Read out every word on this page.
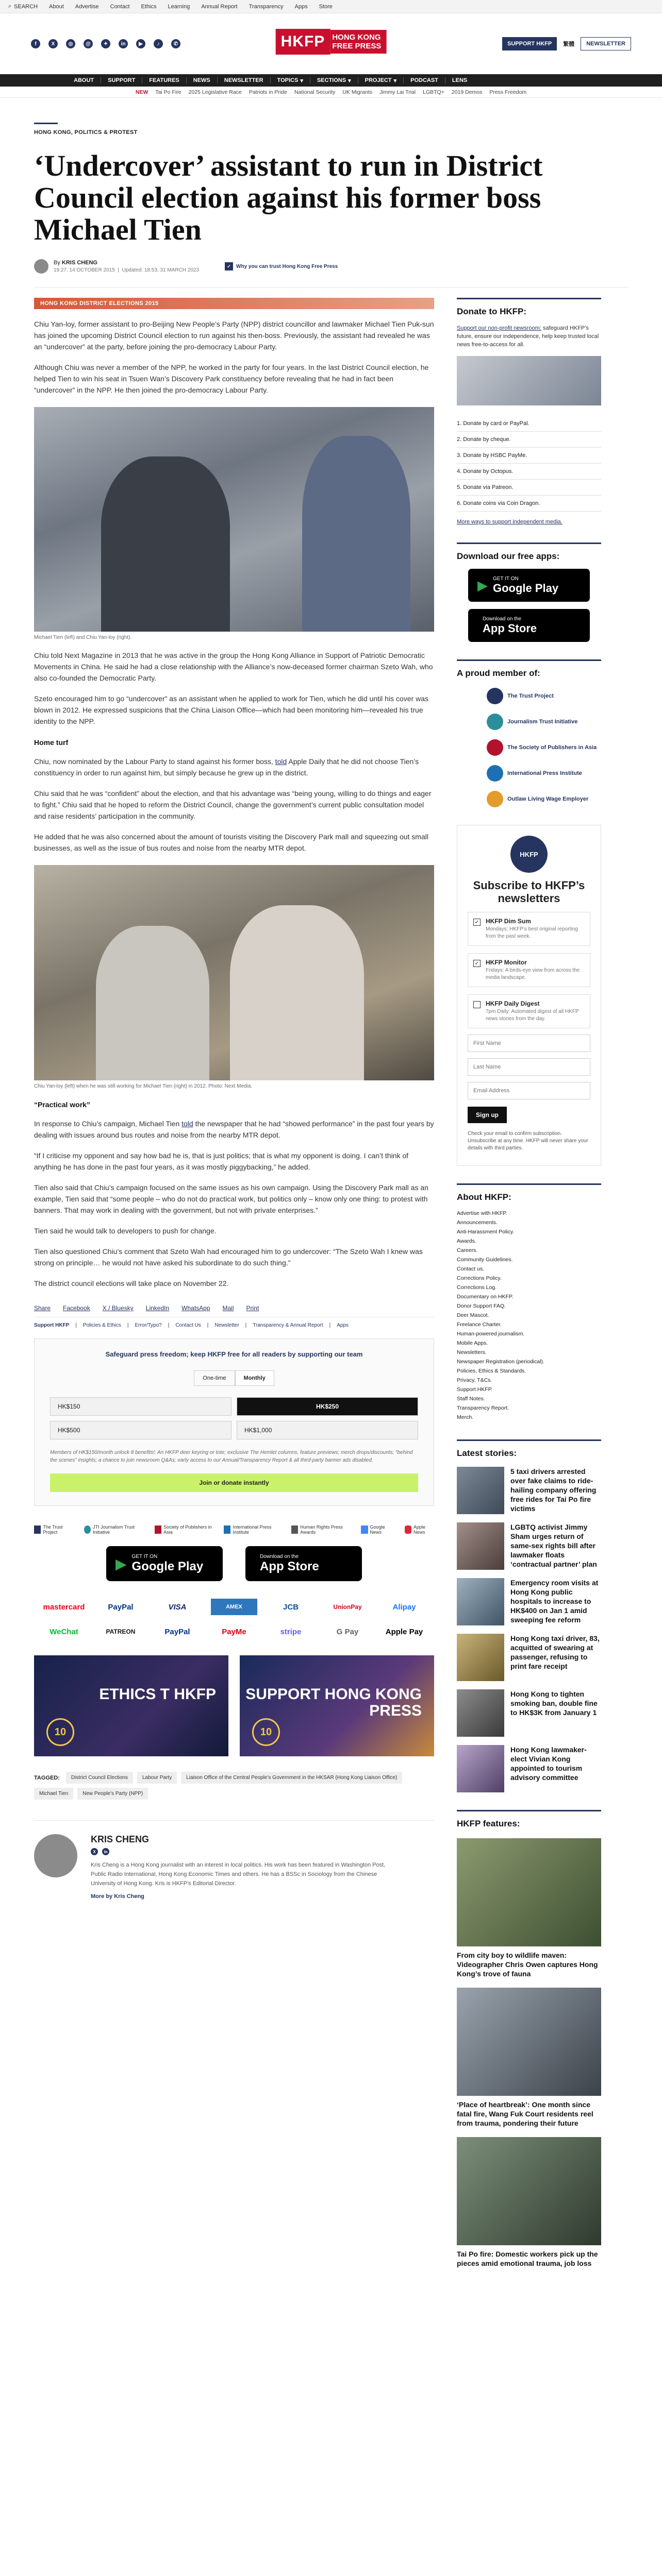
⌕ SEARCH About Advertise Contact Ethics Learning Annual Report Transparency Apps Store
f	X	◎	@	✦	in	▶	♪	✆	HKFP HONG KONG
FREE PRESS	SUPPORT HKFP	繁體	NEWSLETTER
ABOUT	SUPPORT	FEATURES	NEWS	NEWSLETTER	TOPICS ▾ SECTIONS ▾ PROJECT ▾	PODCAST	LENS
NEW Tai Po Fire 2025 Legislative Race Patriots in Pride National Security UK Migrants Jimmy Lai Trial LGBTQ+ 2019 Demos Press Freedom
HONG KONG, POLITICS & PROTEST
‘Undercover’ assistant to run in District Council election against his former boss Michael Tien
By KRIS CHENG
19:27, 14 OCTOBER 2015  |  Updated: 18:53, 31 MARCH 2023
✓	Why you can trust Hong Kong Free Press
HONG KONG DISTRICT ELECTIONS 2015

Chiu Yan-loy, former assistant to pro-Beijing New People’s Party (NPP) district councillor and lawmaker Michael Tien Puk-sun has joined the upcoming District Council election to run against his then-boss. Previously, the assistant had revealed he was an “undercover” at the party, before joining the pro-democracy Labour Party.

Although Chiu was never a member of the NPP, he worked in the party for four years. In the last District Council election, he helped Tien to win his seat in Tsuen Wan’s Discovery Park constituency before revealing that he had in fact been “undercover” in the NPP. He then joined the pro-democracy Labour Party.

Michael Tien (left) and Chiu Yan-loy (right).

Chiu told Next Magazine in 2013 that he was active in the group the Hong Kong Alliance in Support of Patriotic Democratic Movements in China. He said he had a close relationship with the Alliance’s now-deceased former chairman Szeto Wah, who also co-founded the Democratic Party.

Szeto encouraged him to go “undercover” as an assistant when he applied to work for Tien, which he did until his cover was blown in 2012. He expressed suspicions that the China Liaison Office—which had been monitoring him—revealed his true identity to the NPP.

Home turf

Chiu, now nominated by the Labour Party to stand against his former boss, told Apple Daily that he did not choose Tien’s constituency in order to run against him, but simply because he grew up in the district.

Chiu said that he was “confident” about the election, and that his advantage was “being young, willing to do things and eager to fight.” Chiu said that he hoped to reform the District Council, change the government’s current public consultation model and raise residents’ participation in the community.

He added that he was also concerned about the amount of tourists visiting the Discovery Park mall and squeezing out small businesses, as well as the issue of bus routes and noise from the nearby MTR depot.

Chiu Yan-loy (left) when he was still working for Michael Tien (right) in 2012. Photo: Next Media.
“Practical work”

In response to Chiu’s campaign, Michael Tien told the newspaper that he had “showed performance” in the past four years by dealing with issues around bus routes and noise from the nearby MTR depot.

“If I criticise my opponent and say how bad he is, that is just politics; that is what my opponent is doing. I can’t think of anything he has done in the past four years, as it was mostly piggybacking,” he added.

Tien also said that Chiu’s campaign focused on the same issues as his own campaign. Using the Discovery Park mall as an example, Tien said that “some people – who do not do practical work, but politics only – know only one thing: to protest with banners. That may work in dealing with the government, but not with private enterprises.”

Tien said he would talk to developers to push for change.

Tien also questioned Chiu’s comment that Szeto Wah had encouraged him to go undercover: “The Szeto Wah I knew was strong on principle… he would not have asked his subordinate to do such thing.”

The district council elections will take place on November 22.

Share Facebook X / Bluesky LinkedIn WhatsApp Mail Print
Support HKFP | Policies & Ethics | Error/Typo? | Contact Us | Newsletter | Transparency & Annual Report | Apps
Safeguard press freedom; keep HKFP free for all readers by supporting our team
One-time	Monthly
HK$150	HK$250
HK$500	HK$1,000
Members of HK$150/month unlock 8 benefits!: An HKFP deer keyring or tote; exclusive The Hemlet columns, feature previews; merch drops/discounts; “behind the scenes” insights; a chance to join newsroom Q&As; early access to our Annual/Transparency Report & all third-party banner ads disabled.
Join or donate instantly
The Trust Project
JTI Journalism Trust Initiative
Society of Publishers in Asia
International Press Institute
Human Rights Press Awards
Google News
Apple News
▶ GET IT ON
Google Play
Download on the
App Store
mastercard	PayPal	VISA	AMEX	JCB	UnionPay	Alipay
WeChat	PATREON	PayPal	PayMe	stripe	G Pay	Apple Pay
ETHICS T HKFP
10
SUPPORT HONG KONG PRESS
10
TAGGED:	District Council Elections	Labour Party	Liaison Office of the Central People’s Government in the HKSAR (Hong Kong Liaison Office)
Michael Tien	New People’s Party (NPP)
KRIS CHENG
X	in
Kris Cheng is a Hong Kong journalist with an interest in local politics. His work has been featured in Washington Post, Public Radio International, Hong Kong Economic Times and others. He has a BSSc in Sociology from the Chinese University of Hong Kong. Kris is HKFP’s Editorial Director.
More by Kris Cheng
Donate to HKFP:
Support our non-profit newsroom: safeguard HKFP’s future, ensure our independence, help keep trusted local news free-to-access for all.
1. Donate by card or PayPal.
2. Donate by cheque.
3. Donate by HSBC PayMe.
4. Donate by Octopus.
5. Donate via Patreon.
6. Donate coins via Coin Dragon.
More ways to support independent media.
Download our free apps:
▶ GET IT ON
Google Play
Download on the
App Store
A proud member of:
The Trust Project
Journalism Trust Initiative
The Society of Publishers in Asia
International Press Institute
Outlaw Living Wage Employer
HKFP
Subscribe to HKFP’s newsletters
✓ HKFP Dim Sum
Mondays: HKFP’s best original reporting from the past week.
✓ HKFP Monitor
Fridays: A birds-eye view from across the media landscape.
HKFP Daily Digest
7pm Daily: Automated digest of all HKFP news stories from the day.
First Name
Last Name
Email Address
Sign up
Check your email to confirm subscription. Unsubscribe at any time. HKFP will never share your details with third parties.
About HKFP:
Advertise with HKFP.
Announcements.
Anti-Harassment Policy.
Awards.
Careers.
Community Guidelines.
Contact us.
Corrections Policy.
Corrections Log.
Documentary on HKFP.
Donor Support FAQ.
Deer Mascot.
Freelance Charter.
Human-powered journalism.
Mobile Apps.
Newsletters.
Newspaper Registration (periodical).
Policies, Ethics & Standards.
Privacy, T&Cs.
Support HKFP.
Staff Notes.
Transparency Report.
Merch.
Latest stories:
5 taxi drivers arrested over fake claims to ride-hailing company offering free rides for Tai Po fire victims
LGBTQ activist Jimmy Sham urges return of same-sex rights bill after lawmaker floats ‘contractual partner’ plan
Emergency room visits at Hong Kong public hospitals to increase to HK$400 on Jan 1 amid sweeping fee reform
Hong Kong taxi driver, 83, acquitted of swearing at passenger, refusing to print fare receipt
Hong Kong to tighten smoking ban, double fine to HK$3K from January 1
Hong Kong lawmaker-elect Vivian Kong appointed to tourism advisory committee
HKFP features:
From city boy to wildlife maven: Videographer Chris Owen captures Hong Kong’s trove of fauna
‘Place of heartbreak’: One month since fatal fire, Wang Fuk Court residents reel from trauma, pondering their future
Tai Po fire: Domestic workers pick up the pieces amid emotional trauma, job loss
